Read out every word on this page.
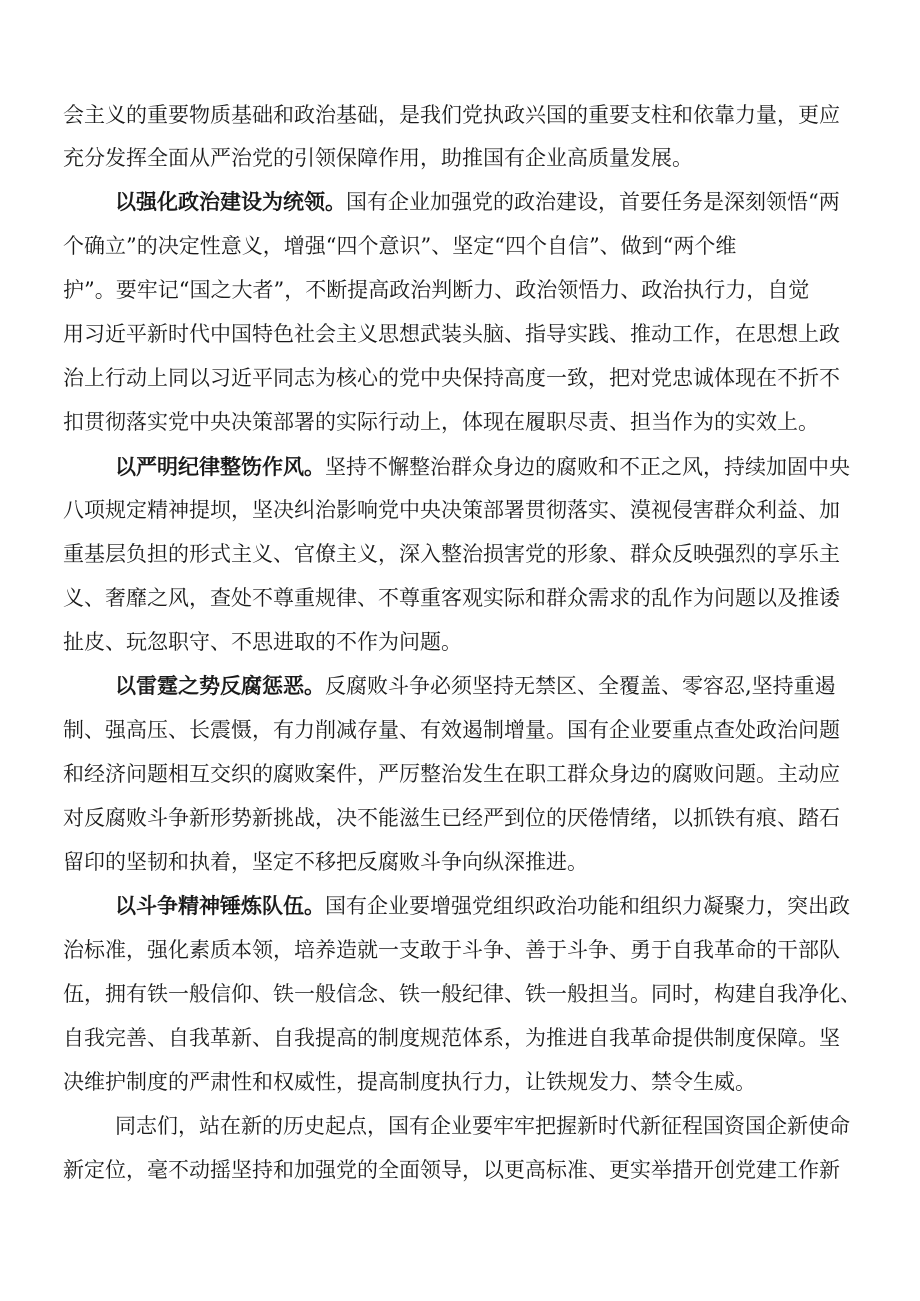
会主义的重要物质基础和政治基础，是我们党执政兴国的重要支柱和依靠力量，更应
充分发挥全面从严治党的引领保障作用，助推国有企业高质量发展。
以强化政治建设为统领。国有企业加强党的政治建设，首要任务是深刻领悟“两
个确立”的决定性意义，增强“四个意识”、坚定“四个自信”、做到“两个维
护”。要牢记“国之大者”，不断提高政治判断力、政治领悟力、政治执行力，自觉
用习近平新时代中国特色社会主义思想武装头脑、指导实践、推动工作，在思想上政
治上行动上同以习近平同志为核心的党中央保持高度一致，把对党忠诚体现在不折不
扣贯彻落实党中央决策部署的实际行动上，体现在履职尽责、担当作为的实效上。
以严明纪律整饬作风。坚持不懈整治群众身边的腐败和不正之风，持续加固中央
八项规定精神提坝，坚决纠治影响党中央决策部署贯彻落实、漠视侵害群众利益、加
重基层负担的形式主义、官僚主义，深入整治损害党的形象、群众反映强烈的享乐主
义、奢靡之风，查处不尊重规律、不尊重客观实际和群众需求的乱作为问题以及推诿
扯皮、玩忽职守、不思进取的不作为问题。
以雷霆之势反腐惩恶。反腐败斗争必须坚持无禁区、全覆盖、零容忍,坚持重遏
制、强高压、长震慑，有力削减存量、有效遏制增量。国有企业要重点查处政治问题
和经济问题相互交织的腐败案件，严厉整治发生在职工群众身边的腐败问题。主动应
对反腐败斗争新形势新挑战，决不能滋生已经严到位的厌倦情绪，以抓铁有痕、踏石
留印的坚韧和执着，坚定不移把反腐败斗争向纵深推进。
以斗争精神锤炼队伍。国有企业要增强党组织政治功能和组织力凝聚力，突出政
治标准，强化素质本领，培养造就一支敢于斗争、善于斗争、勇于自我革命的干部队
伍，拥有铁一般信仰、铁一般信念、铁一般纪律、铁一般担当。同时，构建自我净化、
自我完善、自我革新、自我提高的制度规范体系，为推进自我革命提供制度保障。坚
决维护制度的严肃性和权威性，提高制度执行力，让铁规发力、禁令生威。
同志们，站在新的历史起点，国有企业要牢牢把握新时代新征程国资国企新使命
新定位，毫不动摇坚持和加强党的全面领导，以更高标准、更实举措开创党建工作新
